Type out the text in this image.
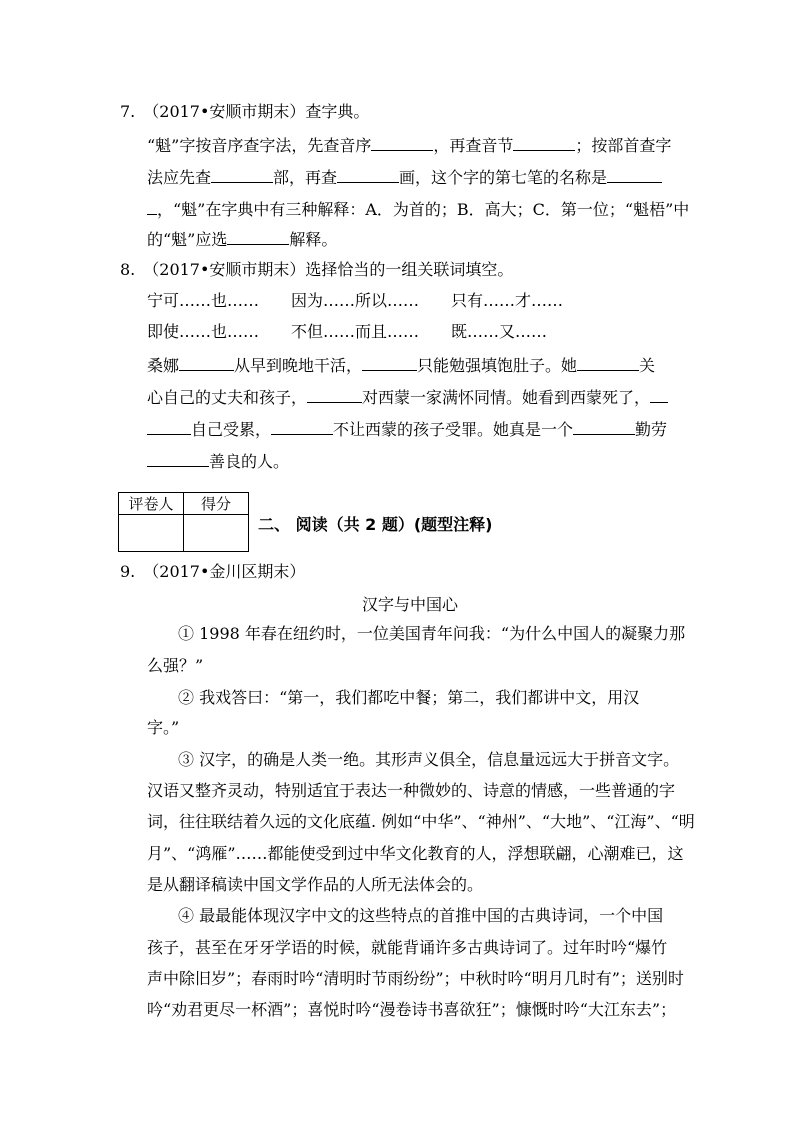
7.　（2017•安顺市期末）查字典。
“魁”字按音序查字法，先查音序	，再查音节	；按部首查字
法应先查	部，再查	画，这个字的第七笔的名称是
，“魁”在字典中有三种解释：A．为首的；B．高大；C．第一位；“魁梧”中
的“魁”应选	解释。
8.　（2017•安顺市期末）选择恰当的一组关联词填空。
宁可……也……　　因为……所以……　　只有……才……
即使……也……　　不但……而且……　　既……又……
桑娜	从早到晚地干活，	只能勉强填饱肚子。她	关
心自己的丈夫和孩子，	对西蒙一家满怀同情。她看到西蒙死了，
自己受累，	不让西蒙的孩子受罪。她真是一个	勤劳
善良的人。
评卷人	得分

二、 阅读（共 2 题）(题型注释)
9.　（2017•金川区期末）
汉字与中国心
① 1998 年春在纽约时，一位美国青年问我：“为什么中国人的凝聚力那
么强？”
② 我戏答曰：“第一，我们都吃中餐；第二，我们都讲中文，用汉
字。”
③ 汉字，的确是人类一绝。其形声义俱全，信息量远远大于拼音文字。
汉语又整齐灵动，特别适宜于表达一种微妙的、诗意的情感，一些普通的字
词，往往联结着久远的文化底蕴. 例如“中华”、“神州”、“大地”、“江海”、“明
月”、“鸿雁”……都能使受到过中华文化教育的人，浮想联翩，心潮难已，这
是从翻译稿读中国文学作品的人所无法体会的。
④ 最最能体现汉字中文的这些特点的首推中国的古典诗词，一个中国
孩子，甚至在牙牙学语的时候，就能背诵许多古典诗词了。过年时吟“爆竹
声中除旧岁”；春雨时吟“清明时节雨纷纷”；中秋时吟“明月几时有”；送别时
吟“劝君更尽一杯酒”；喜悦时吟“漫卷诗书喜欲狂”；慷慨时吟“大江东去”；
